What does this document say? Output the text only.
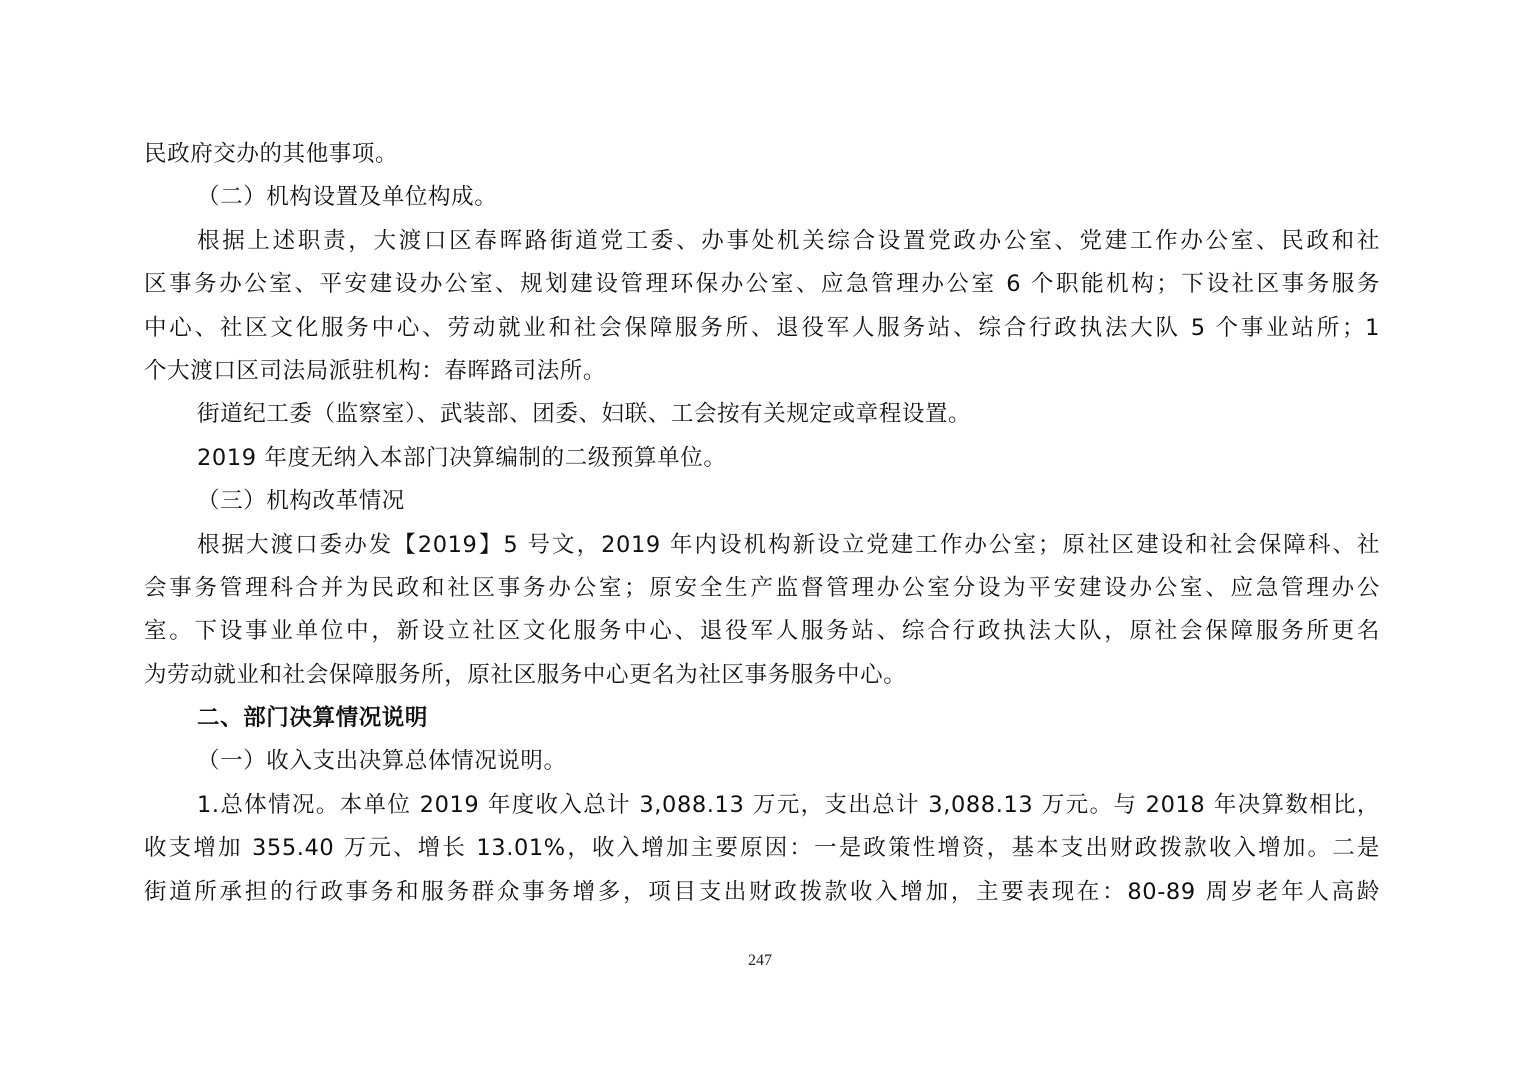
民政府交办的其他事项。
（二）机构设置及单位构成。
根据上述职责，大渡口区春晖路街道党工委、办事处机关综合设置党政办公室、党建工作办公室、民政和社
区事务办公室、平安建设办公室、规划建设管理环保办公室、应急管理办公室 6 个职能机构；下设社区事务服务
中心、社区文化服务中心、劳动就业和社会保障服务所、退役军人服务站、综合行政执法大队 5 个事业站所；1
个大渡口区司法局派驻机构：春晖路司法所。
街道纪工委（监察室）、武装部、团委、妇联、工会按有关规定或章程设置。
2019 年度无纳入本部门决算编制的二级预算单位。
（三）机构改革情况
根据大渡口委办发【2019】5 号文，2019 年内设机构新设立党建工作办公室；原社区建设和社会保障科、社
会事务管理科合并为民政和社区事务办公室；原安全生产监督管理办公室分设为平安建设办公室、应急管理办公
室。下设事业单位中，新设立社区文化服务中心、退役军人服务站、综合行政执法大队，原社会保障服务所更名
为劳动就业和社会保障服务所，原社区服务中心更名为社区事务服务中心。
二、部门决算情况说明
（一）收入支出决算总体情况说明。
1.总体情况。本单位 2019 年度收入总计 3,088.13 万元，支出总计 3,088.13 万元。与 2018 年决算数相比，
收支增加 355.40 万元、增长 13.01%，收入增加主要原因：一是政策性增资，基本支出财政拨款收入增加。二是
街道所承担的行政事务和服务群众事务增多，项目支出财政拨款收入增加，主要表现在：80-89 周岁老年人高龄
247
